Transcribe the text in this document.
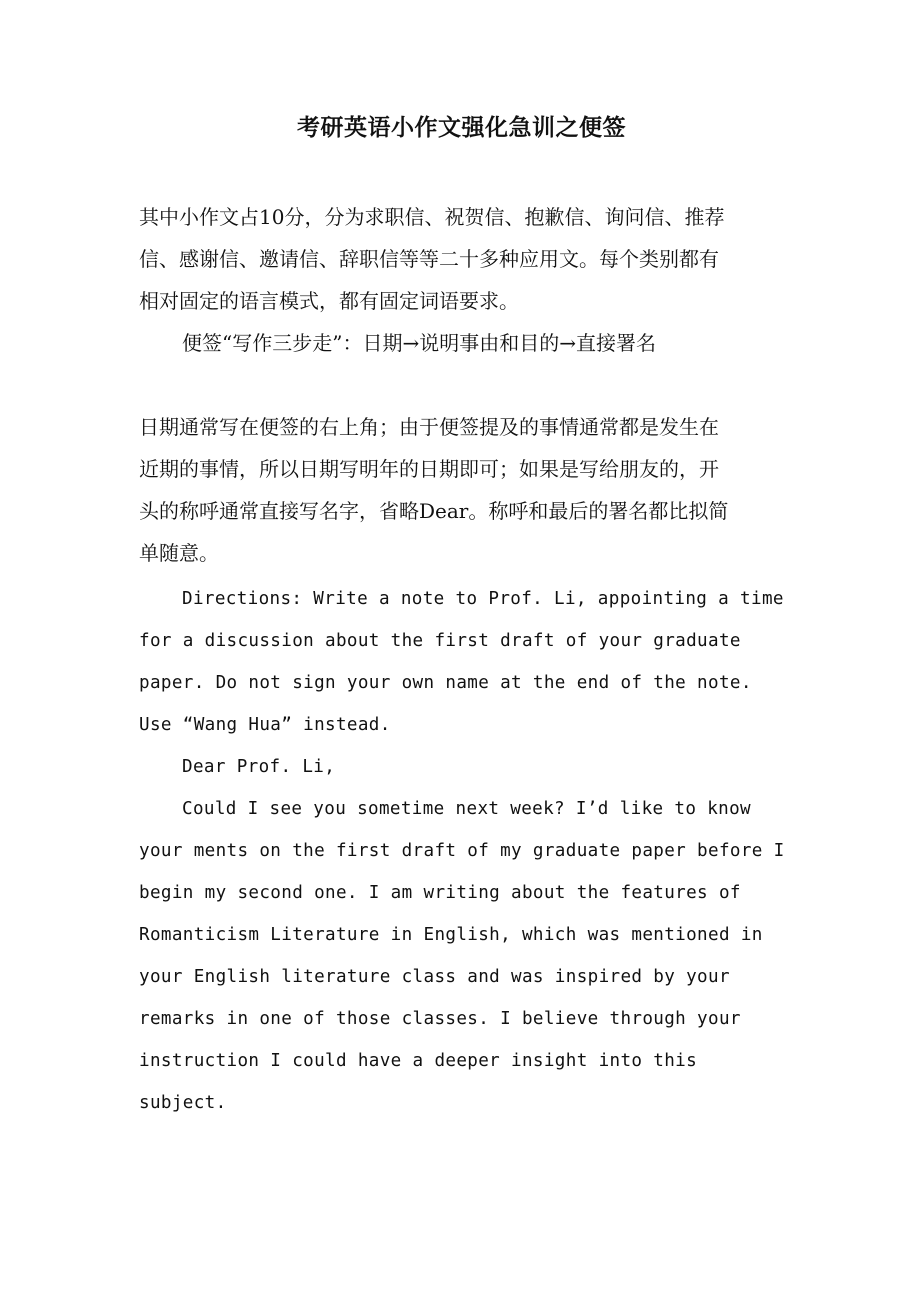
考研英语小作文强化急训之便签

其中小作文占10分，分为求职信、祝贺信、抱歉信、询问信、推荐
信、感谢信、邀请信、辞职信等等二十多种应用文。每个类别都有
相对固定的语言模式，都有固定词语要求。

便签“写作三步走”：日期→说明事由和目的→直接署名

日期通常写在便签的右上角；由于便签提及的事情通常都是发生在
近期的事情，所以日期写明年的日期即可；如果是写给朋友的，开
头的称呼通常直接写名字，省略Dear。称呼和最后的署名都比拟简
单随意。

Directions: Write a note to Prof. Li, appointing a time
for a discussion about the first draft of your graduate
paper. Do not sign your own name at the end of the note.
Use “Wang Hua” instead.

Dear Prof. Li,

Could I see you sometime next week? I’d like to know
your ments on the first draft of my graduate paper before I
begin my second one. I am writing about the features of
Romanticism Literature in English, which was mentioned in
your English literature class and was inspired by your
remarks in one of those classes. I believe through your
instruction I could have a deeper insight into this
subject.
